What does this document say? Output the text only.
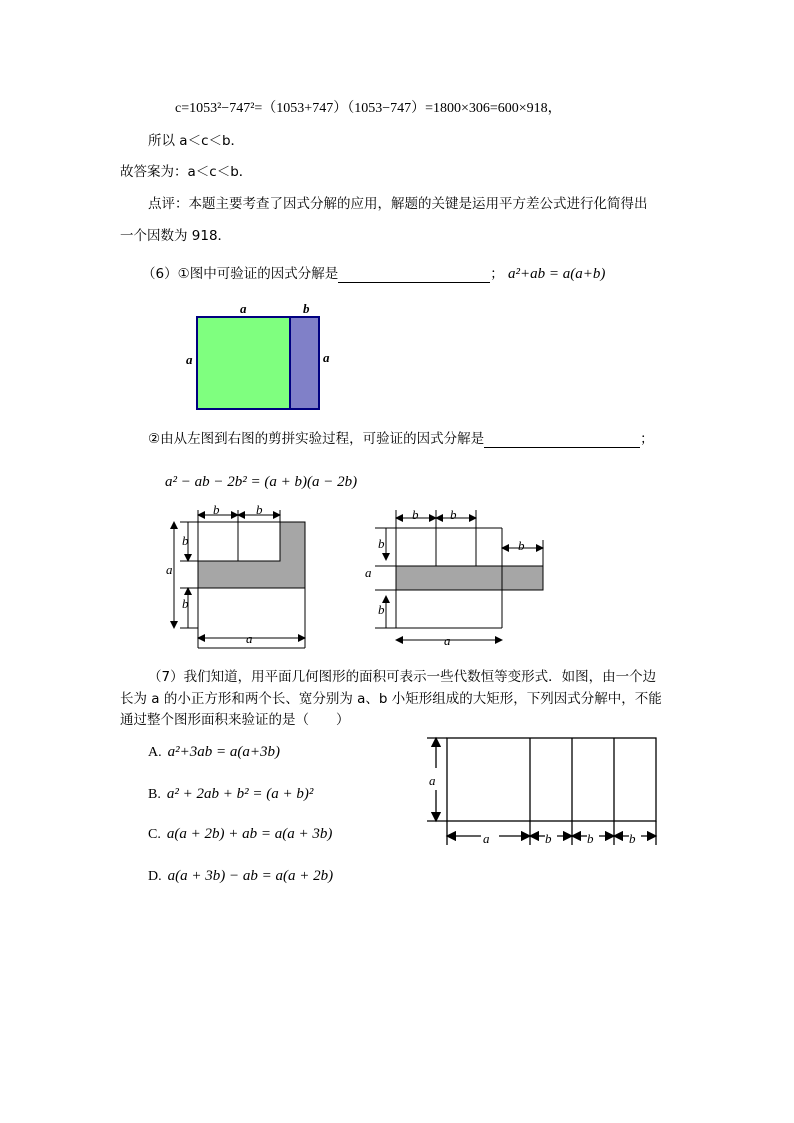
c=1053²−747²=（1053+747）（1053−747）=1800×306=600×918，
所以 a＜c＜b．
故答案为：a＜c＜b．
点评：本题主要考查了因式分解的应用，解题的关键是运用平方差公式进行化简得出
一个因数为 918．
（6）①图中可验证的因式分解是	； a²+ab = a(a+b)
a	b
a	a
②由从左图到右图的剪拼实验过程，可验证的因式分解是	；
a² − ab − 2b² = (a + b)(a − 2b)
b	b
b
a
b
a
b b
b
b
a
b
a
（7）我们知道，用平面几何图形的面积可表示一些代数恒等变形式．如图，由一个边
长为 a 的小正方形和两个长、宽分别为 a、b 小矩形组成的大矩形，下列因式分解中，不能
通过整个图形面积来验证的是（　　）
A. a²+3ab = a(a+3b)
B. a² + 2ab + b² = (a + b)²
C. a(a + 2b) + ab = a(a + 3b)
D. a(a + 3b) − ab = a(a + 2b)
a
a	b	b	b
